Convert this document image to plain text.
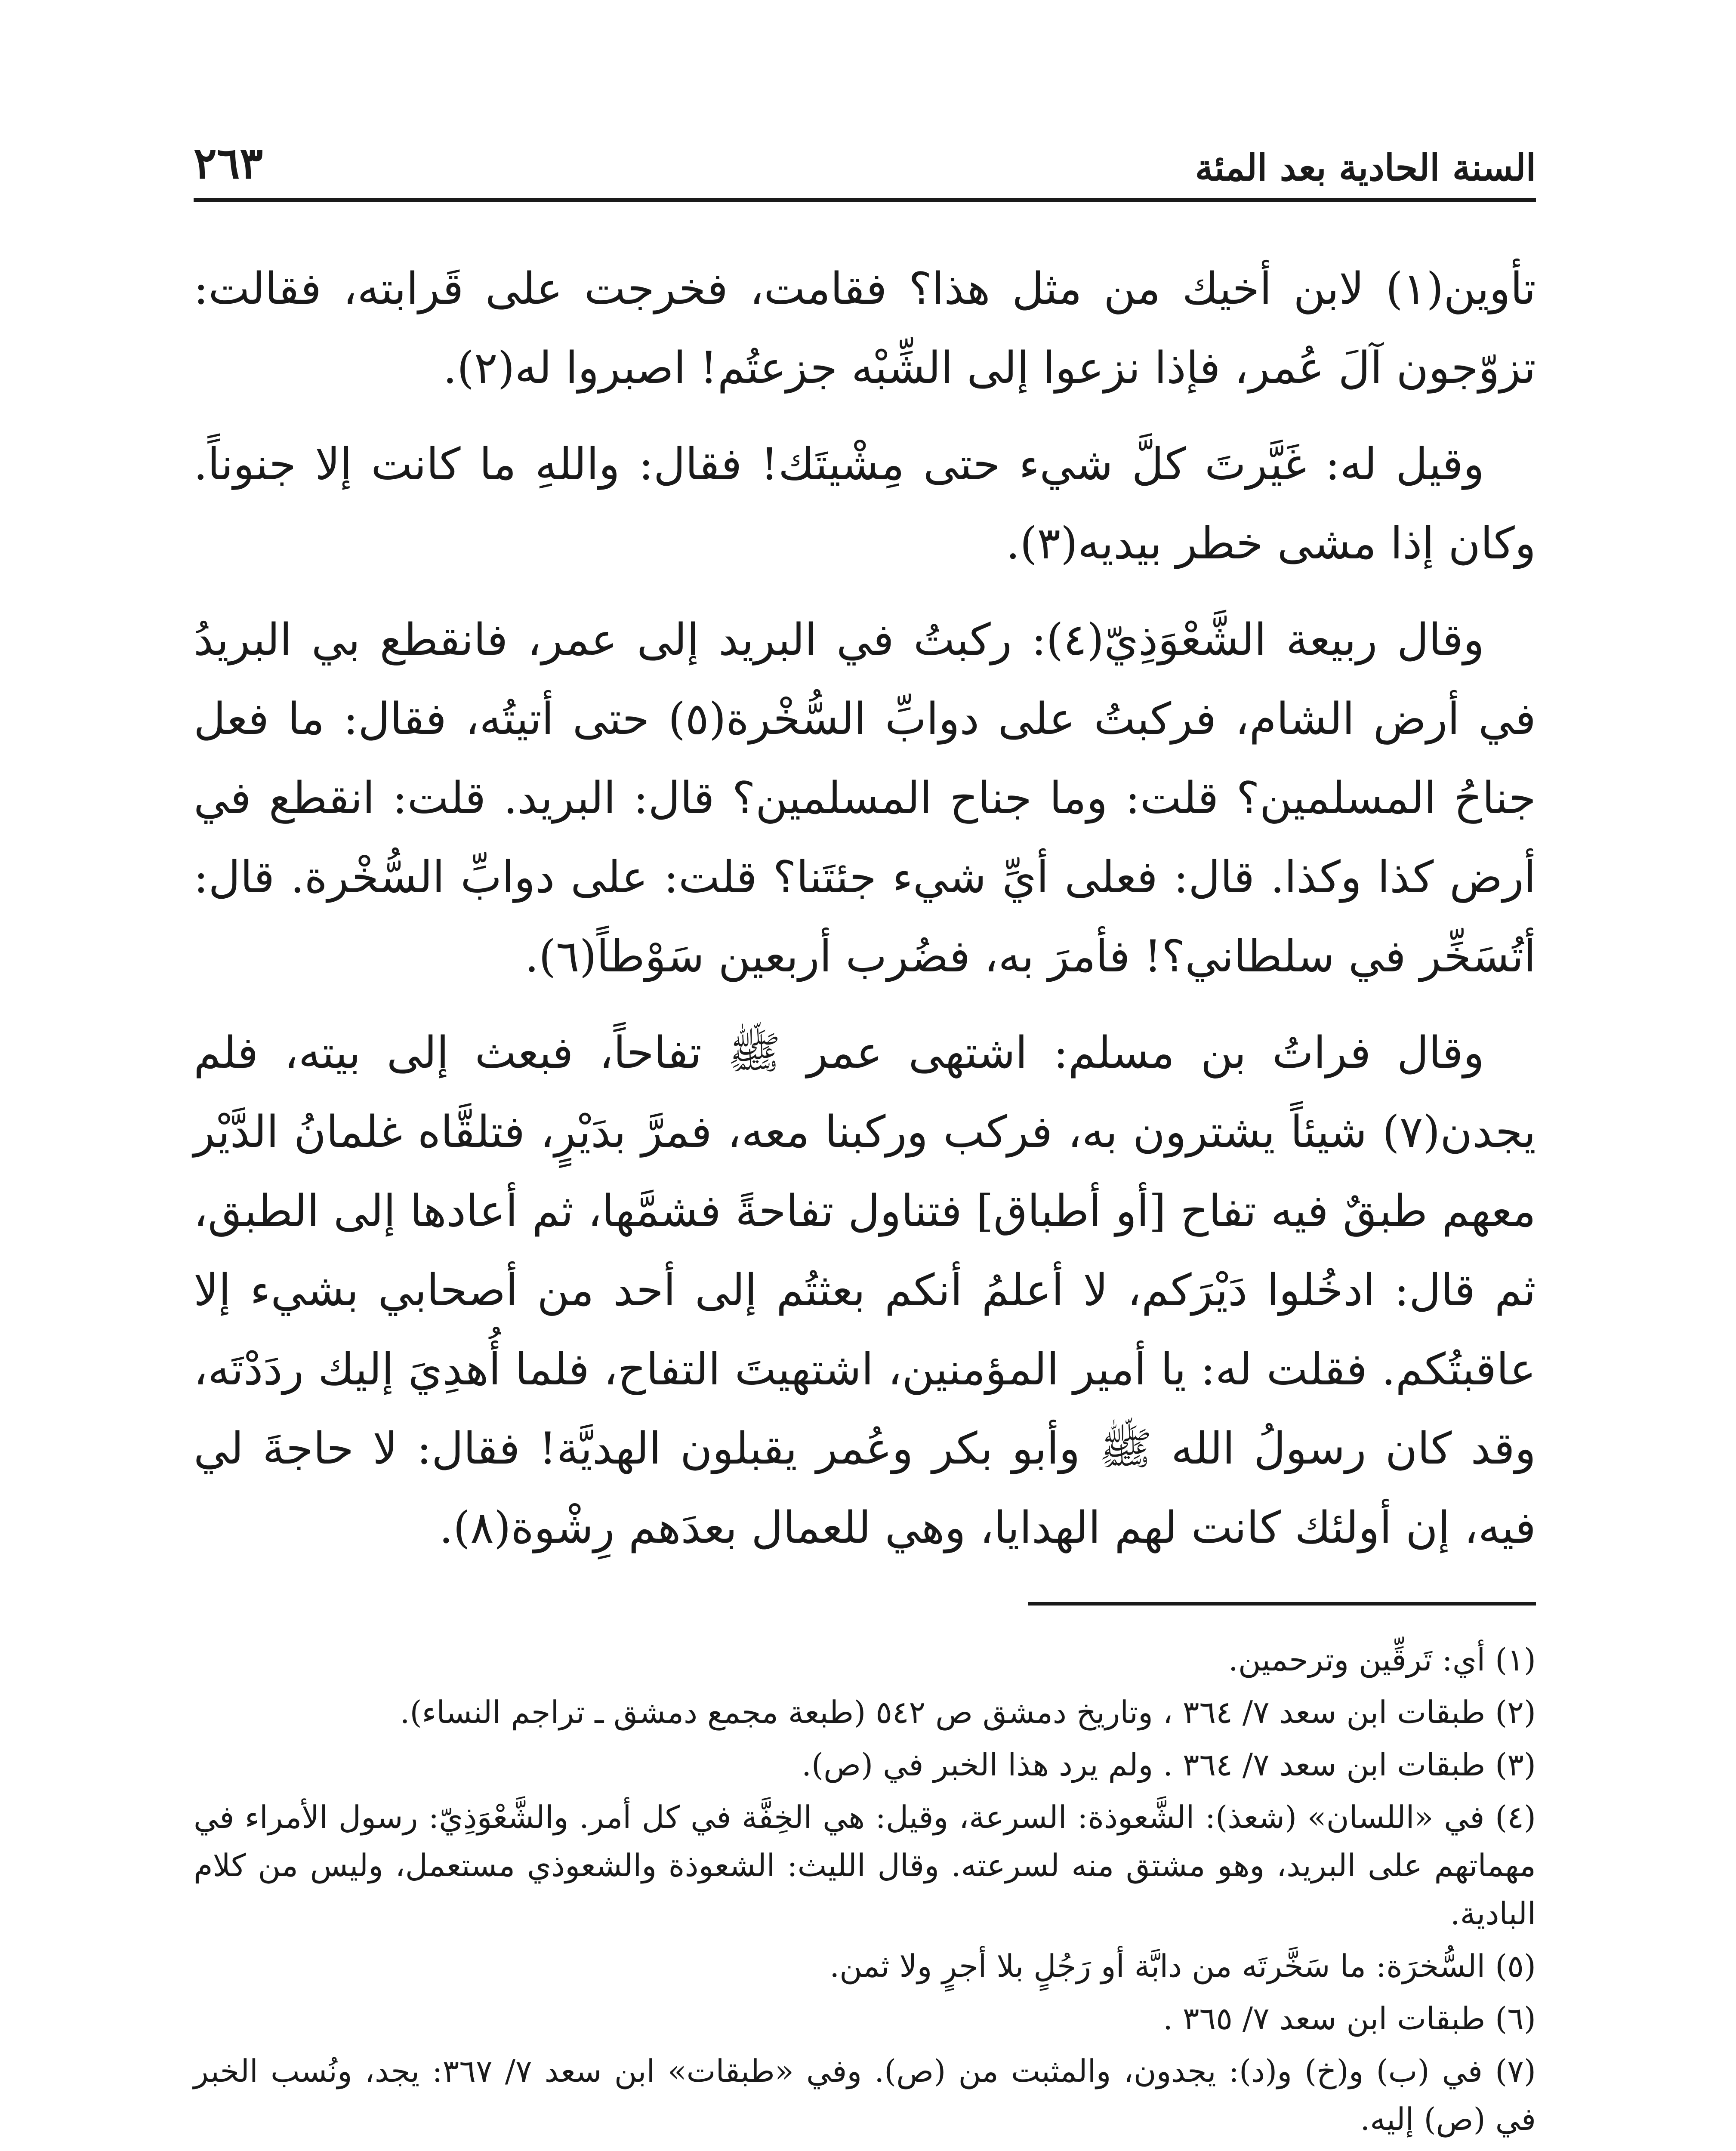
السنة الحادية بعد المئة
٢٦٣

تأوين(١) لابن أخيك من مثل هذا؟ فقامت، فخرجت على قَرابته، فقالت: تزوّجون آلَ عُمر، فإذا نزعوا إلى الشِّبْه جزعتُم! اصبروا له(٢).

وقيل له: غَيَّرتَ كلَّ شيء حتى مِشْيتَك! فقال: واللهِ ما كانت إلا جنوناً. وكان إذا مشى خطر بيديه(٣).

وقال ربيعة الشَّعْوَذِيّ(٤): ركبتُ في البريد إلى عمر، فانقطع بي البريدُ في أرض الشام، فركبتُ على دوابِّ السُّخْرة(٥) حتى أتيتُه، فقال: ما فعل جناحُ المسلمين؟ قلت: وما جناح المسلمين؟ قال: البريد. قلت: انقطع في أرض كذا وكذا. قال: فعلى أيِّ شيء جئتَنا؟ قلت: على دوابِّ السُّخْرة. قال: أتُسَخِّر في سلطاني؟! فأمرَ به، فضُرب أربعين سَوْطاً(٦).

وقال فراتُ بن مسلم: اشتهى عمر ﷺ تفاحاً، فبعث إلى بيته، فلم يجدن(٧) شيئاً يشترون به، فركب وركبنا معه، فمرَّ بدَيْرٍ، فتلقَّاه غلمانُ الدَّيْر معهم طبقٌ فيه تفاح [أو أطباق] فتناول تفاحةً فشمَّها، ثم أعادها إلى الطبق، ثم قال: ادخُلوا دَيْرَكم، لا أعلمُ أنكم بعثتُم إلى أحد من أصحابي بشيء إلا عاقبتُكم. فقلت له: يا أمير المؤمنين، اشتهيتَ التفاح، فلما أُهدِيَ إليك ردَدْتَه، وقد كان رسولُ الله ﷺ وأبو بكر وعُمر يقبلون الهديَّة! فقال: لا حاجةَ لي فيه، إن أولئك كانت لهم الهدايا، وهي للعمال بعدَهم رِشْوة(٨).

(١) أي: تَرقِّين وترحمين.

(٢) طبقات ابن سعد ٧/ ٣٦٤ ، وتاريخ دمشق ص ٥٤٢ (طبعة مجمع دمشق ـ تراجم النساء).

(٣) طبقات ابن سعد ٧/ ٣٦٤ . ولم يرد هذا الخبر في (ص).

(٤) في «اللسان» (شعذ): الشَّعوذة: السرعة، وقيل: هي الخِفَّة في كل أمر. والشَّعْوَذِيّ: رسول الأمراء في مهماتهم على البريد، وهو مشتق منه لسرعته. وقال الليث: الشعوذة والشعوذي مستعمل، وليس من كلام البادية.

(٥) السُّخرَة: ما سَخَّرتَه من دابَّة أو رَجُلٍ بلا أجرٍ ولا ثمن.

(٦) طبقات ابن سعد ٧/ ٣٦٥ .

(٧) في (ب) و(خ) و(د): يجدون، والمثبت من (ص). وفي «طبقات» ابن سعد ٧/ ٣٦٧: يجد، ونُسب الخبر في (ص) إليه.
